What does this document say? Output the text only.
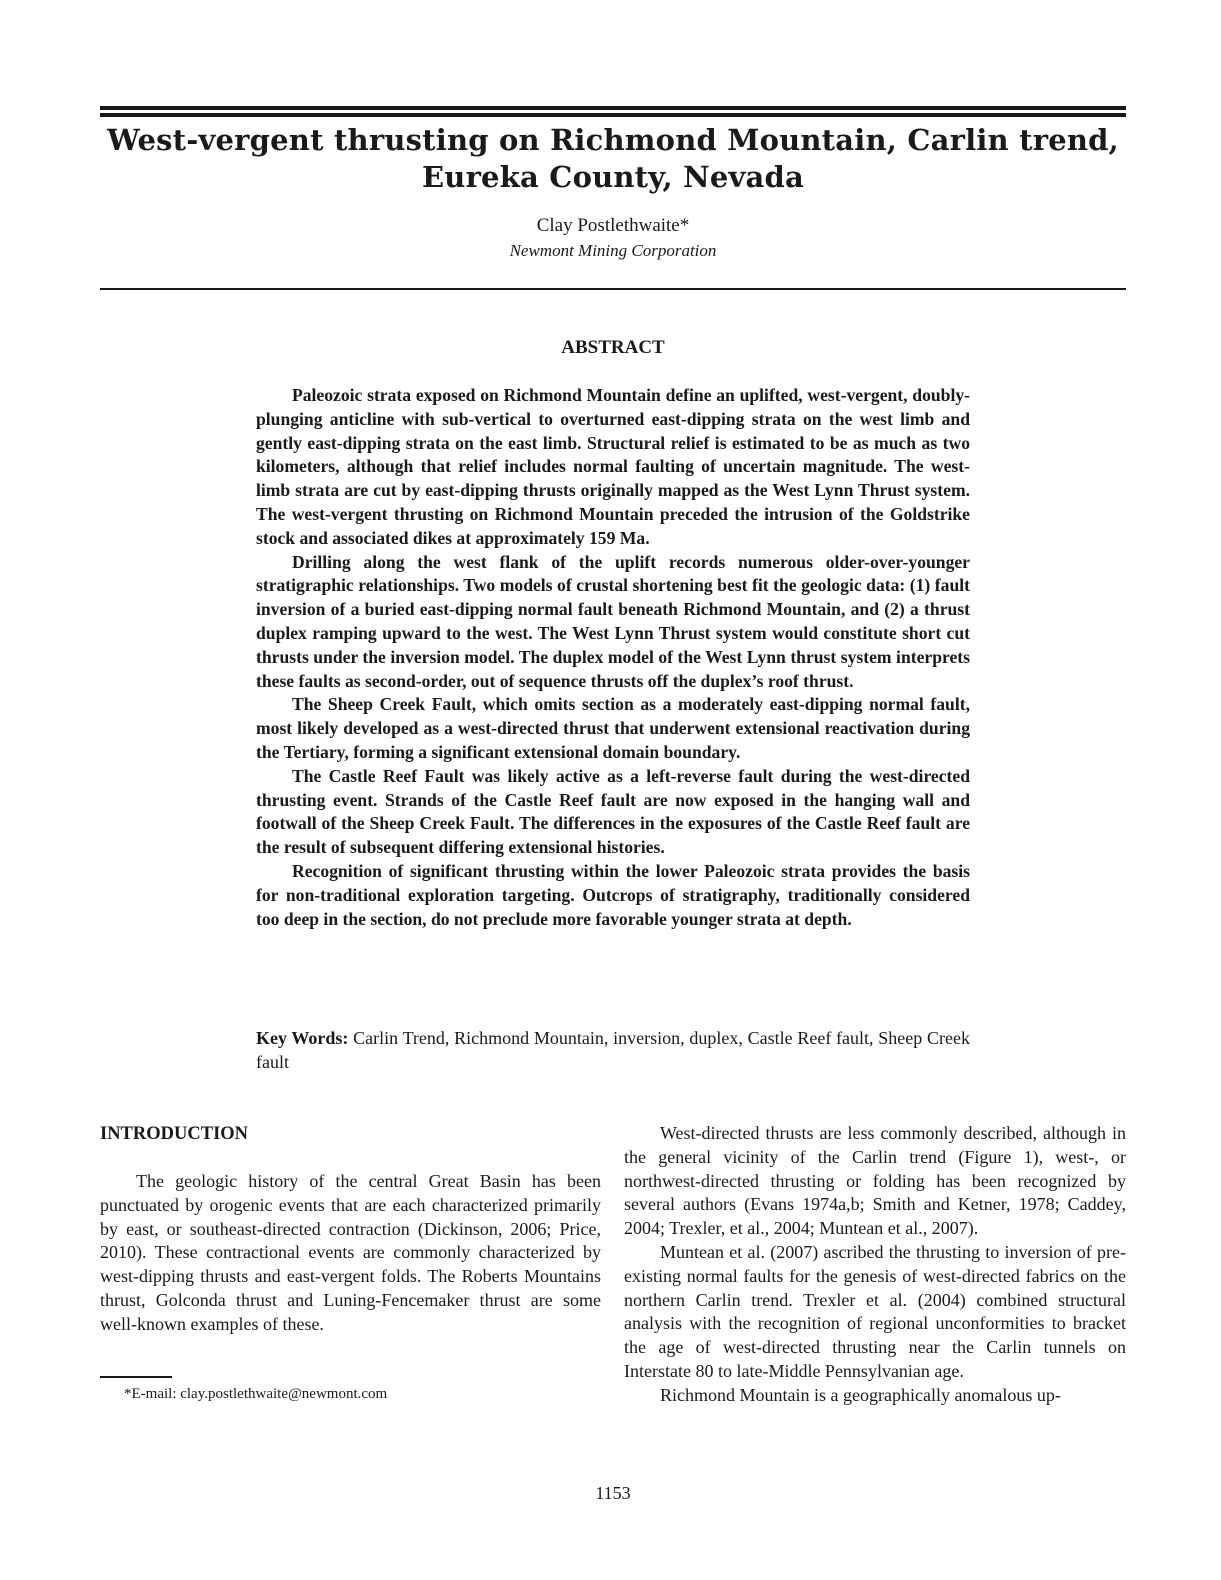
West-vergent thrusting on Richmond Mountain, Carlin trend,
Eureka County, Nevada
Clay Postlethwaite*
Newmont Mining Corporation
ABSTRACT

Paleozoic strata exposed on Richmond Mountain define an uplifted, west-vergent, doubly-plunging anticline with sub-vertical to overturned east-dipping strata on the west limb and gently east-dipping strata on the east limb. Structural relief is estimated to be as much as two kilometers, although that relief includes normal faulting of uncertain magnitude. The west-limb strata are cut by east-dipping thrusts originally mapped as the West Lynn Thrust system. The west-vergent thrusting on Richmond Mountain preceded the intrusion of the Goldstrike stock and associated dikes at approximately 159 Ma.

Drilling along the west flank of the uplift records numerous older-over-younger stratigraphic relationships. Two models of crustal shortening best fit the geologic data: (1) fault inversion of a buried east-dipping normal fault beneath Richmond Mountain, and (2) a thrust duplex ramping upward to the west. The West Lynn Thrust system would constitute short cut thrusts under the inversion model. The duplex model of the West Lynn thrust system interprets these faults as second-order, out of sequence thrusts off the duplex’s roof thrust.

The Sheep Creek Fault, which omits section as a moderately east-dipping normal fault, most likely developed as a west-directed thrust that underwent extensional reactivation during the Tertiary, forming a significant extensional domain boundary.

The Castle Reef Fault was likely active as a left-reverse fault during the west-directed thrusting event. Strands of the Castle Reef fault are now exposed in the hanging wall and footwall of the Sheep Creek Fault. The differences in the exposures of the Castle Reef fault are the result of subsequent differing extensional histories.

Recognition of significant thrusting within the lower Paleozoic strata provides the basis for non-traditional exploration targeting. Outcrops of stratigraphy, traditionally considered too deep in the section, do not preclude more favorable younger strata at depth.

Key Words: Carlin Trend, Richmond Mountain, inversion, duplex, Castle Reef fault, Sheep Creek fault

INTRODUCTION

The geologic history of the central Great Basin has been punctuated by orogenic events that are each characterized primarily by east, or southeast-directed contraction (Dickinson, 2006; Price, 2010). These contractional events are commonly characterized by west-dipping thrusts and east-vergent folds. The Roberts Mountains thrust, Golconda thrust and Luning-Fencemaker thrust are some well-known examples of these.

West-directed thrusts are less commonly described, although in the general vicinity of the Carlin trend (Figure 1), west-, or northwest-directed thrusting or folding has been recognized by several authors (Evans 1974a,b; Smith and Ketner, 1978; Caddey, 2004; Trexler, et al., 2004; Muntean et al., 2007).

Muntean et al. (2007) ascribed the thrusting to inversion of pre-existing normal faults for the genesis of west-directed fabrics on the northern Carlin trend. Trexler et al. (2004) combined structural analysis with the recognition of regional unconformities to bracket the age of west-directed thrusting near the Carlin tunnels on Interstate 80 to late-Middle Pennsylvanian age.

Richmond Mountain is a geographically anomalous up-

*E-mail: clay.postlethwaite@newmont.com
1153
